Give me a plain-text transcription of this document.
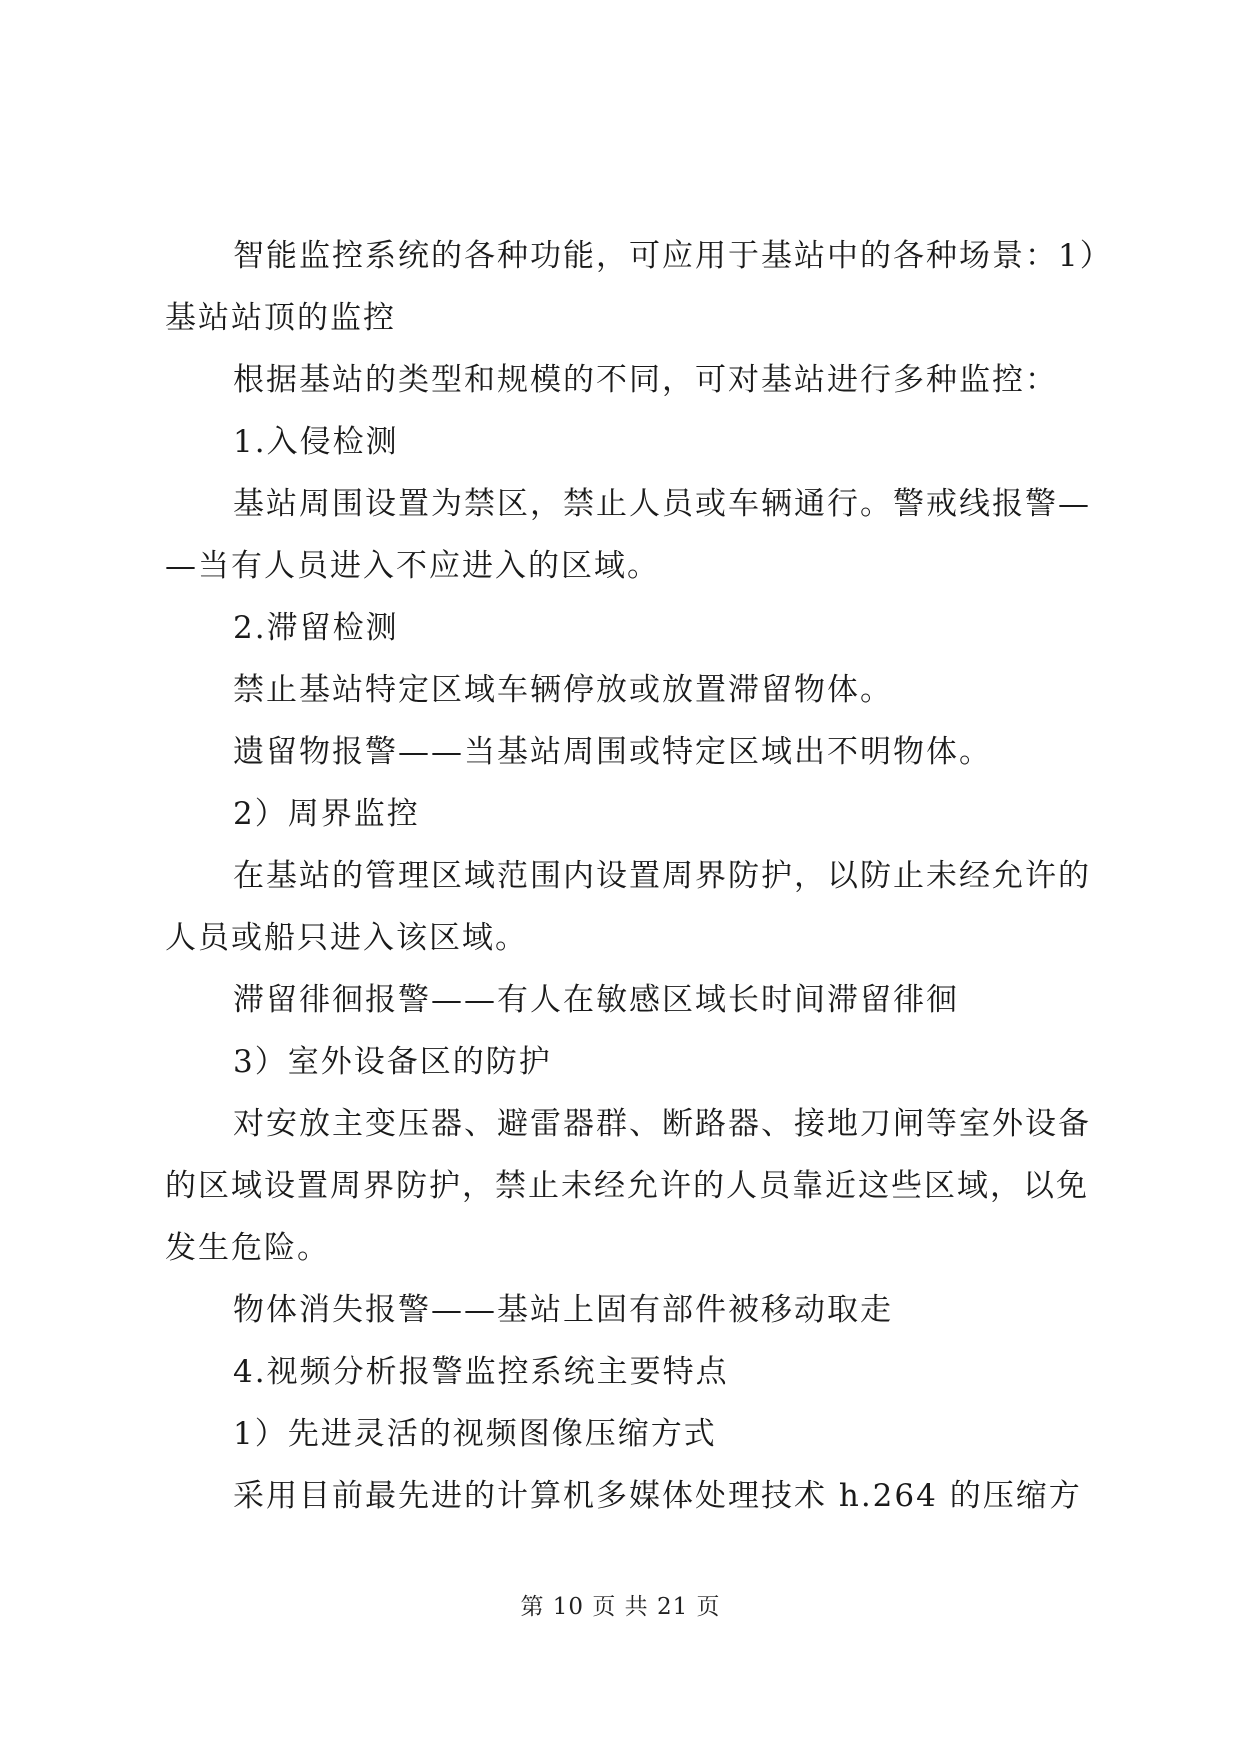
智能监控系统的各种功能，可应用于基站中的各种场景：1）
基站站顶的监控
根据基站的类型和规模的不同，可对基站进行多种监控：
1.入侵检测
基站周围设置为禁区，禁止人员或车辆通行。警戒线报警—
—当有人员进入不应进入的区域。
2.滞留检测
禁止基站特定区域车辆停放或放置滞留物体。
遗留物报警——当基站周围或特定区域出不明物体。
2）周界监控
在基站的管理区域范围内设置周界防护，以防止未经允许的
人员或船只进入该区域。
滞留徘徊报警——有人在敏感区域长时间滞留徘徊
3）室外设备区的防护
对安放主变压器、避雷器群、断路器、接地刀闸等室外设备
的区域设置周界防护，禁止未经允许的人员靠近这些区域，以免
发生危险。
物体消失报警——基站上固有部件被移动取走
4.视频分析报警监控系统主要特点
1）先进灵活的视频图像压缩方式
采用目前最先进的计算机多媒体处理技术 h.264 的压缩方
第 10 页 共 21 页
